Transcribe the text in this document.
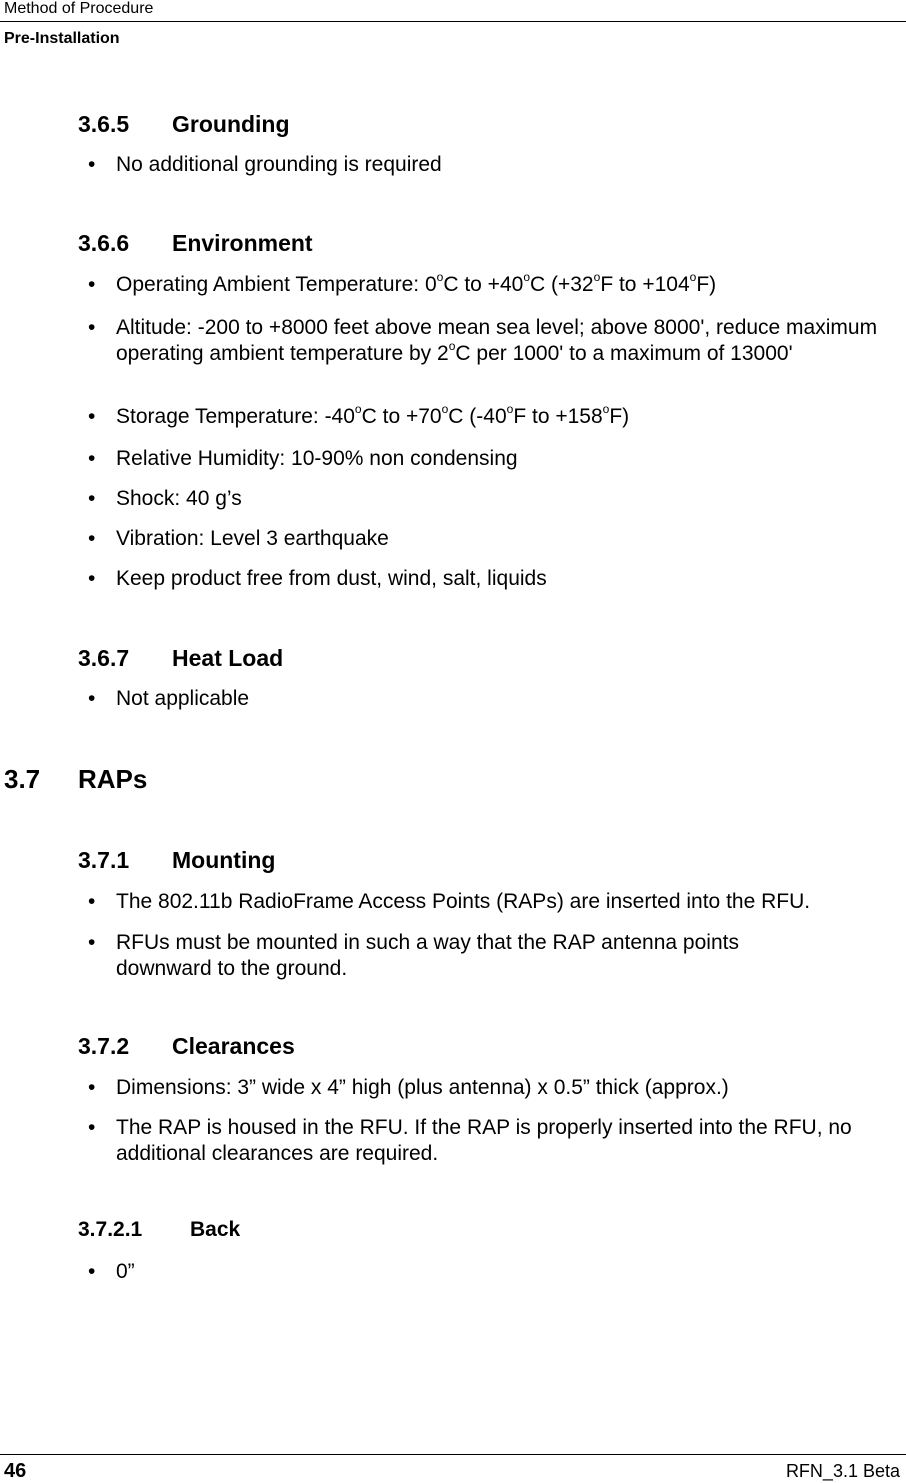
Method of Procedure
Pre-Installation
3.6.5 Grounding
• No additional grounding is required
3.6.6 Environment
• Operating Ambient Temperature: 0$^o$C to $+40^oC$ ($+32^oF$ to $+104^oF$)
• Altitude: -200 to +8000 feet above mean sea level; above 8000', reduce maximum operating ambient temperature by 2$^o$C per 1000' to a maximum of 13000'
• Storage Temperature: -40$^o$C to $+70^oC$ (-40$^o$F to $+158^oF$)
• Relative Humidity: 10-90% non condensing
• Shock: 40 g’s
• Vibration: Level 3 earthquake
• Keep product free from dust, wind, salt, liquids
3.6.7 Heat Load
• Not applicable
3.7 RAPs
3.7.1 Mounting
• The 802.11b RadioFrame Access Points (RAPs) are inserted into the RFU.
• RFUs must be mounted in such a way that the RAP antenna points downward to the ground.
3.7.2 Clearances
• Dimensions: 3” wide x 4” high (plus antenna) x 0.5” thick (approx.)
• The RAP is housed in the RFU. If the RAP is properly inserted into the RFU, no additional clearances are required.
3.7.2.1 Back
• 0”
46	RFN_3.1 Beta
